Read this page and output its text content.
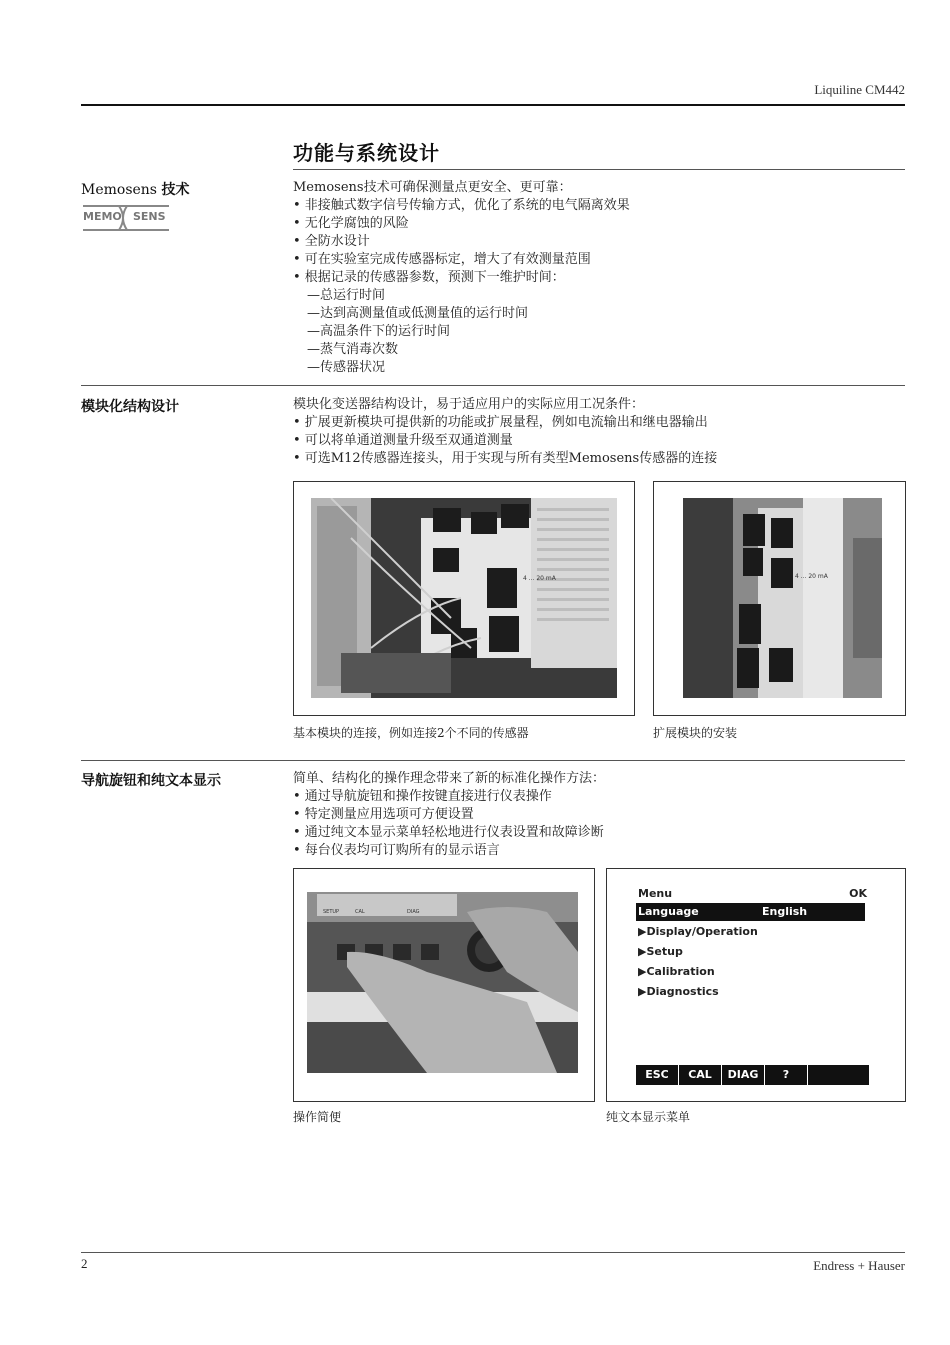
Liquiline CM442
功能与系统设计
Memosens 技术
MEMO SENS
Memosens技术可确保测量点更安全、更可靠：
• 非接触式数字信号传输方式，优化了系统的电气隔离效果
• 无化学腐蚀的风险
• 全防水设计
• 可在实验室完成传感器标定，增大了有效测量范围
• 根据记录的传感器参数，预测下一维护时间：
—总运行时间
—达到高测量值或低测量值的运行时间
—高温条件下的运行时间
—蒸气消毒次数
—传感器状况
模块化结构设计	模块化变送器结构设计，易于适应用户的实际应用工况条件：
• 扩展更新模块可提供新的功能或扩展量程，例如电流输出和继电器输出
• 可以将单通道测量升级至双通道测量
• 可选M12传感器连接头，用于实现与所有类型Memosens传感器的连接
4 ... 20 mA	4 ... 20 mA
基本模块的连接，例如连接2个不同的传感器	扩展模块的安装
导航旋钮和纯文本显示	简单、结构化的操作理念带来了新的标准化操作方法：
• 通过导航旋钮和操作按键直接进行仪表操作
• 特定测量应用选项可方便设置
• 通过纯文本显示菜单轻松地进行仪表设置和故障诊断
• 每台仪表均可订购所有的显示语言
SETUP	CAL	DIAG
Menu	OK
Language	English
▶Display/Operation
▶Setup
▶Calibration
▶Diagnostics
ESC	CAL	DIAG	?
操作简便	纯文本显示菜单
2	Endress + Hauser
